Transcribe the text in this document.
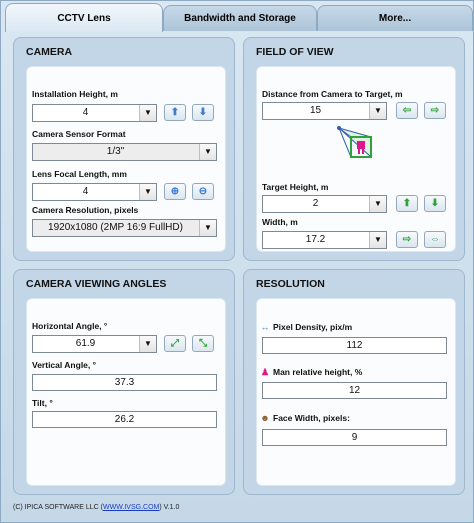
CCTV Lens	Bandwidth and Storage	More...
CAMERA
Installation Height, m
4	▼	⬆	⬇
Camera Sensor Format
1/3"	▼
Lens Focal Length, mm
4	▼	⊕	⊖
Camera Resolution, pixels
1920x1080 (2MP 16:9 FullHD)	▼
FIELD OF VIEW
Distance from Camera to Target, m
15	▼	⇦	⇨
Target Height, m
2	▼	⬆	⬇
Width, m
17.2	▼	⇨	⇔
CAMERA VIEWING ANGLES
Horizontal Angle, °
61.9	▼	⤢	⤡
Vertical Angle, °
37.3
Tilt, °
26.2
RESOLUTION
↔ Pixel Density, pix/m
112
♟ Man relative height, %
12
☻ Face Width, pixels:
9
(C) IPICA SOFTWARE LLC (WWW.IVSG.COM) V.1.0
